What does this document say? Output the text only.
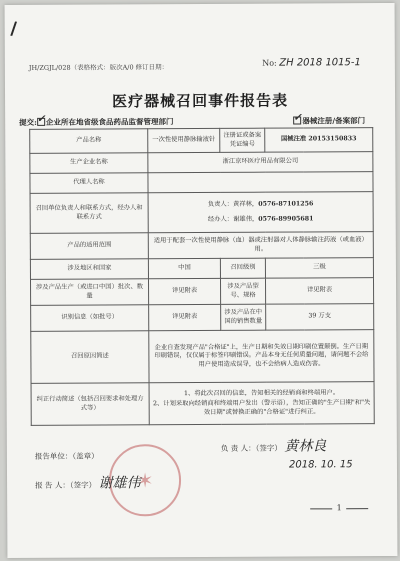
I
JH/ZGJL/028（表格格式：版次A/0 修订日期：	No: ZH 2018 1015-1
医疗器械召回事件报告表
提交: ✓ 企业所在地省级食品药品监督管理部门 ✓	器械注册/备案部门
产品名称	一次性使用静脉输液针	注册证或备案凭证编号	国械注准 20153150833
生产企业名称	浙江京环医疗用品有限公司		
代理人名称			
召回单位负责人和联系方式，经办人和联系方式	负责人：黄祥林，0576-87101256
经办人：谢雄伟，0576-89905681		

产品的适用范围	适用于配套一次性使用静脉（血）器或注射器对人体静脉输注药液（或血液）用。		
涉及地区和国家	中国	召回级别	三级
涉及产品生产（或进口中国）批次、数量	详见附表	涉及产品型号、规格	详见附表
识别信息（如批号）	详见附表	涉及产品在中国的销售数量	39 万支
召回原因简述	企业自查发现产品"合格证"上，生产日期和失效日期印刷位置颠倒。生产日期印刷错误，仅仅属于标签印刷错误。产品本身无任何质量问题，请问题不会给用户使用造成误导，也不会给病人造成伤害。		
纠正行动简述（包括召回要求和处理方式等）	1、将此次召回的信息，告知相关的经销商和终端用户。
2、计划采取向经销商和终端用户发出（警示语），告知正确的"生产日期"和"失效日期"或替换正确的"合格证"进行纠正。		
✶
负 责 人：（签字） 黄林良
报告单位：（盖章）
2018. 10. 15
报 告 人：（签字） 谢雄伟
1
